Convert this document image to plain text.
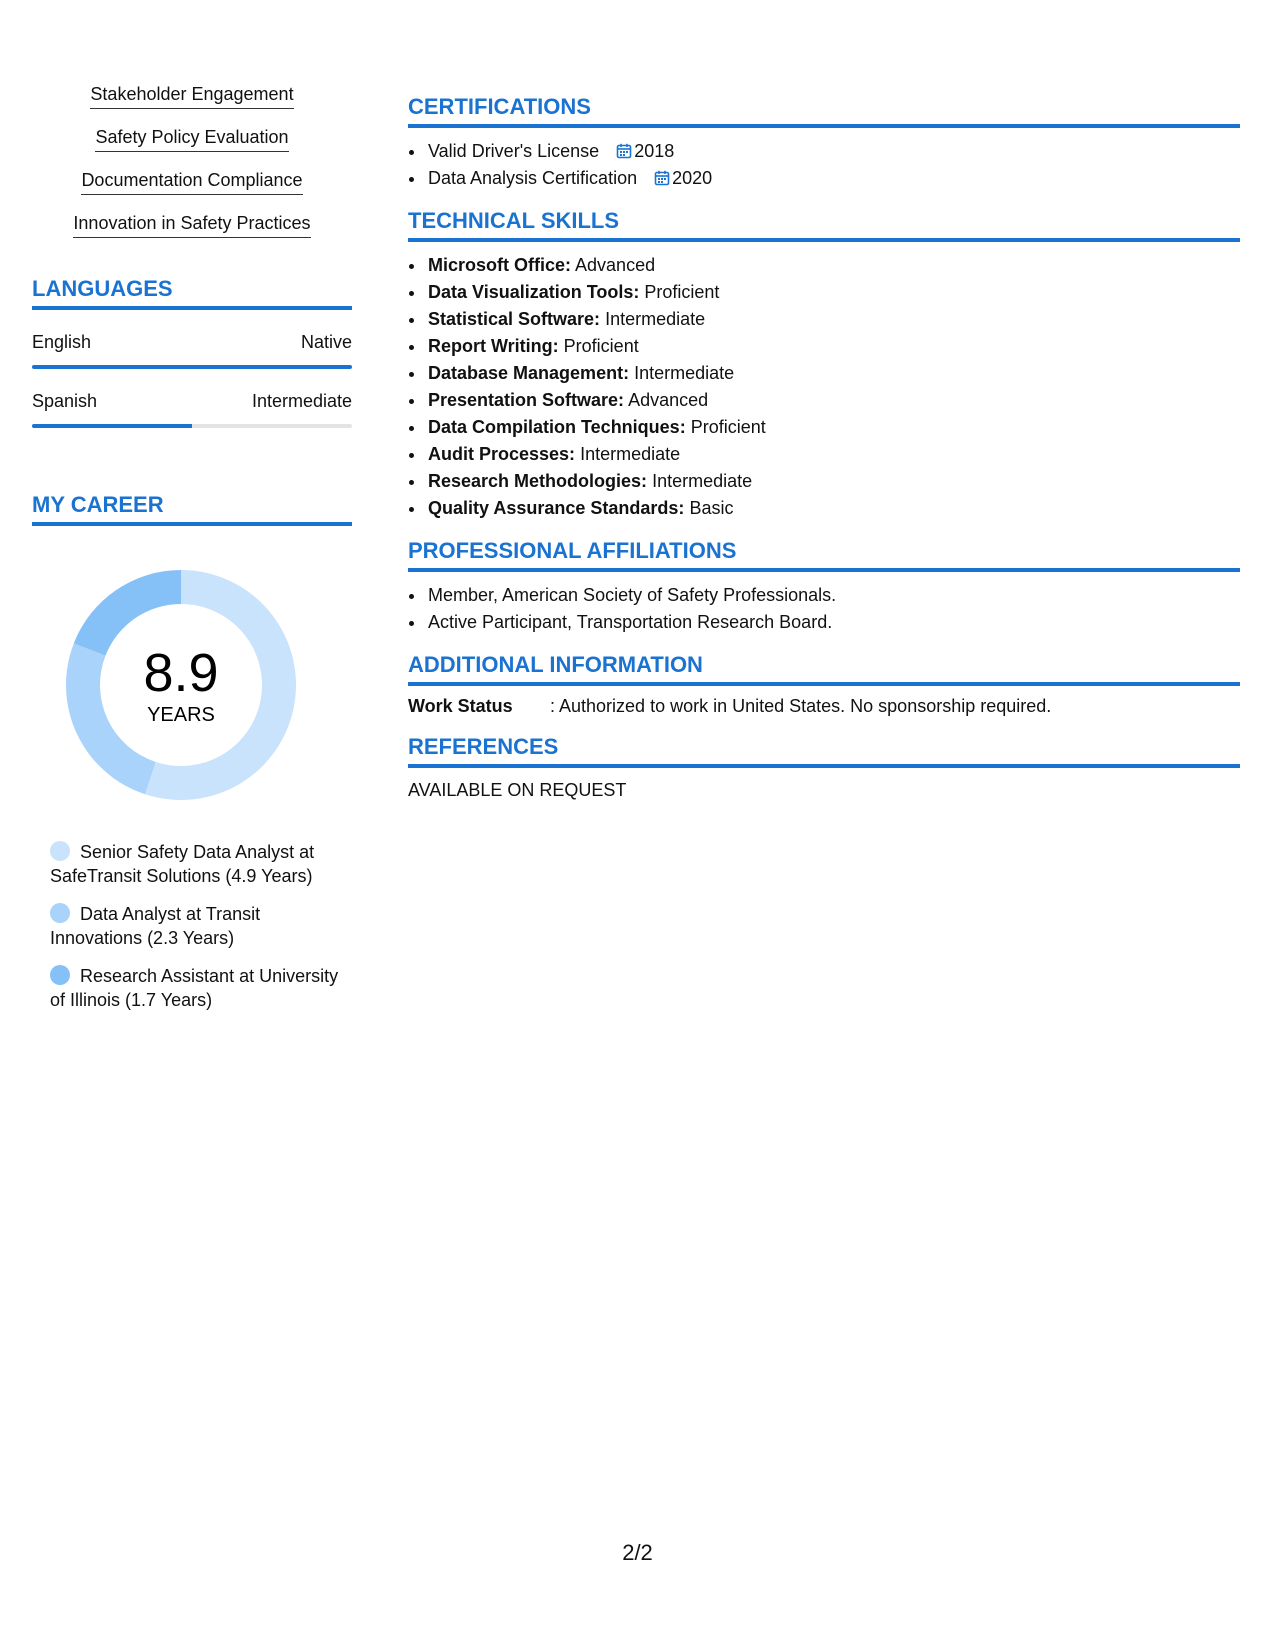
Stakeholder Engagement
Safety Policy Evaluation
Documentation Compliance
Innovation in Safety Practices
LANGUAGES
English	Native
Spanish	Intermediate
MY CAREER
8.9
YEARS
Senior Safety Data Analyst at SafeTransit Solutions (4.9 Years)
Data Analyst at Transit Innovations (2.3 Years)
Research Assistant at University of Illinois (1.7 Years)
CERTIFICATIONS
• Valid Driver's License 2018
• Data Analysis Certification 2020
TECHNICAL SKILLS
• Microsoft Office: Advanced
• Data Visualization Tools: Proficient
• Statistical Software: Intermediate
• Report Writing: Proficient
• Database Management: Intermediate
• Presentation Software: Advanced
• Data Compilation Techniques: Proficient
• Audit Processes: Intermediate
• Research Methodologies: Intermediate
• Quality Assurance Standards: Basic
PROFESSIONAL AFFILIATIONS
• Member, American Society of Safety Professionals.
• Active Participant, Transportation Research Board.
ADDITIONAL INFORMATION
Work Status	: Authorized to work in United States. No sponsorship required.
REFERENCES
AVAILABLE ON REQUEST
2/2
